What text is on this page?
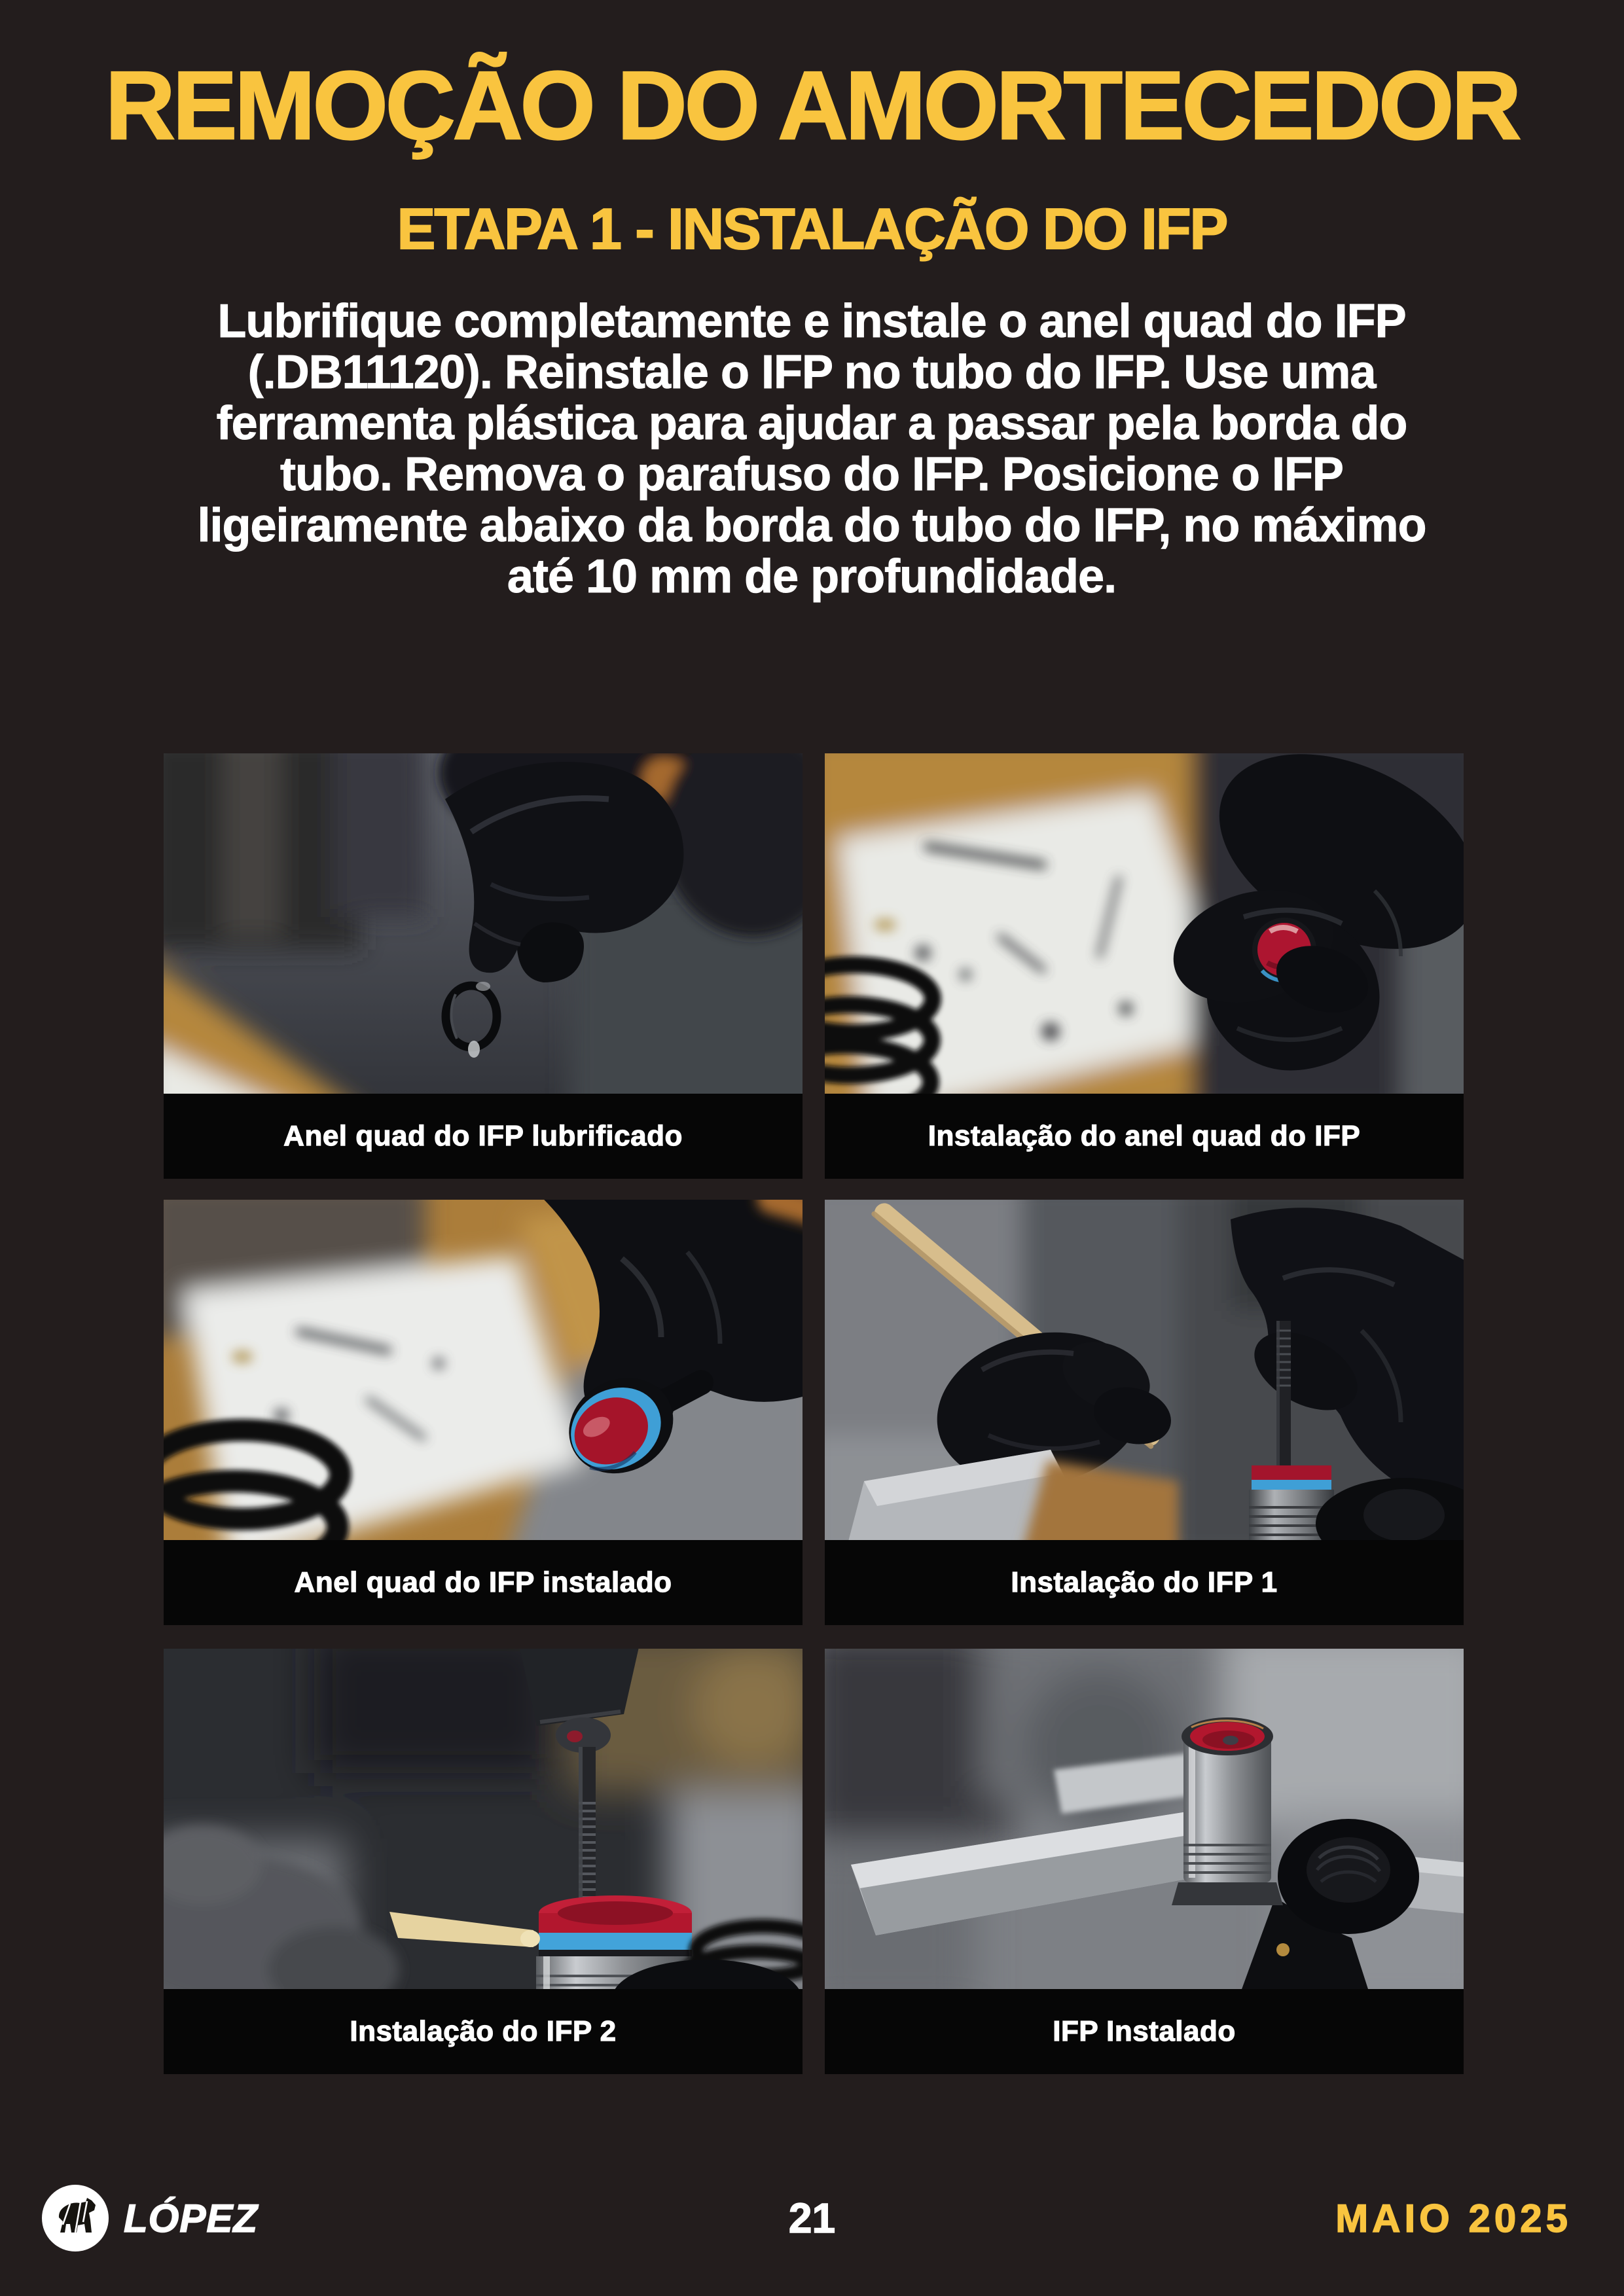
REMOÇÃO DO AMORTECEDOR
ETAPA 1 - INSTALAÇÃO DO IFP
Lubrifique completamente e instale o anel quad do IFP
(.DB11120). Reinstale o IFP no tubo do IFP. Use uma
ferramenta plástica para ajudar a passar pela borda do
tubo. Remova o parafuso do IFP. Posicione o IFP
ligeiramente abaixo da borda do tubo do IFP, no máximo
até 10 mm de profundidade.
Anel quad do IFP lubrificado	Instalação do anel quad do IFP
Anel quad do IFP instalado	Instalação do IFP 1
Instalação do IFP 2	IFP Instalado
LÓPEZ	21	MAIO 2025
